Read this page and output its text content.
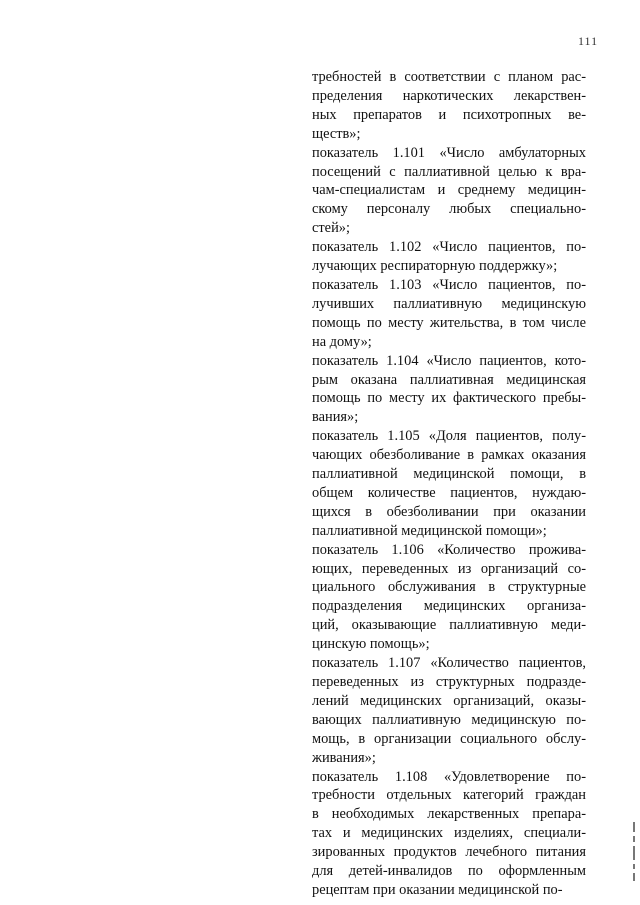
111
требностей в соответствии с планом рас-
пределения наркотических лекарствен-
ных препаратов и психотропных ве-
ществ»;
показатель 1.101 «Число амбулаторных
посещений с паллиативной целью к вра-
чам-специалистам и среднему медицин-
скому персоналу любых специально-
стей»;
показатель 1.102 «Число пациентов, по-
лучающих респираторную поддержку»;
показатель 1.103 «Число пациентов, по-
лучивших паллиативную медицинскую
помощь по месту жительства, в том числе
на дому»;
показатель 1.104 «Число пациентов, кото-
рым оказана паллиативная медицинская
помощь по месту их фактического пребы-
вания»;
показатель 1.105 «Доля пациентов, полу-
чающих обезболивание в рамках оказания
паллиативной медицинской помощи, в
общем количестве пациентов, нуждаю-
щихся в обезболивании при оказании
паллиативной медицинской помощи»;
показатель 1.106 «Количество прожива-
ющих, переведенных из организаций со-
циального обслуживания в структурные
подразделения медицинских организа-
ций, оказывающие паллиативную меди-
цинскую помощь»;
показатель 1.107 «Количество пациентов,
переведенных из структурных подразде-
лений медицинских организаций, оказы-
вающих паллиативную медицинскую по-
мощь, в организации социального обслу-
живания»;
показатель 1.108 «Удовлетворение по-
требности отдельных категорий граждан
в необходимых лекарственных препара-
тах и медицинских изделиях, специали-
зированных продуктов лечебного питания
для детей-инвалидов по оформленным
рецептам при оказании медицинской по-
